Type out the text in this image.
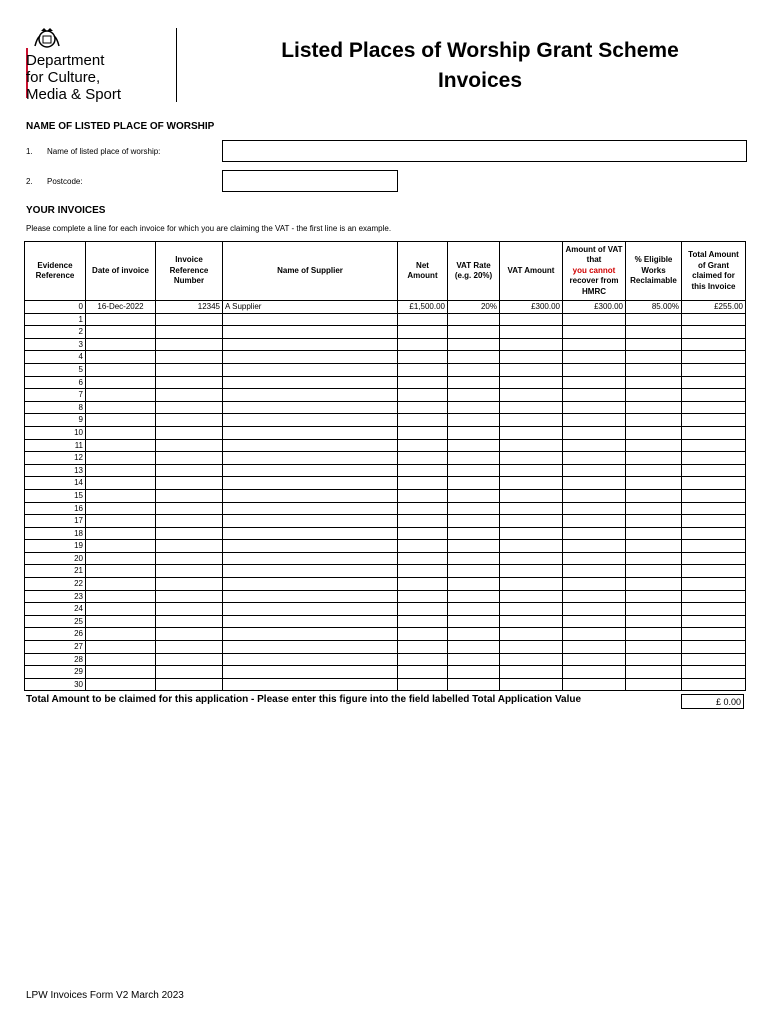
Department
for Culture,
Media & Sport
Listed Places of Worship Grant Scheme
Invoices
NAME OF LISTED PLACE OF WORSHIP
1. Name of listed place of worship:
2. Postcode:
YOUR INVOICES
Please complete a line for each invoice for which you are claiming the VAT - the first line is an example.
Evidence Reference	Date of invoice	Invoice Reference Number	Name of Supplier	Net Amount	VAT Rate (e.g. 20%)	VAT Amount	Amount of VAT that
you cannot
recover from HMRC	% Eligible Works Reclaimable	Total Amount of Grant claimed for this Invoice
0	16-Dec-2022	12345	A Supplier	£1,500.00	20%	£300.00	£300.00	85.00%	£255.00
1									
2									
3									
4									
5									
6									
7									
8									
9									
10									
11									
12									
13									
14									
15									
16									
17									
18									
19									
20									
21									
22									
23									
24									
25									
26									
27									
28									
29									
30									
Total Amount to be claimed for this application - Please enter this figure into the field labelled Total Application Value	£ 0.00
LPW Invoices Form V2 March 2023
